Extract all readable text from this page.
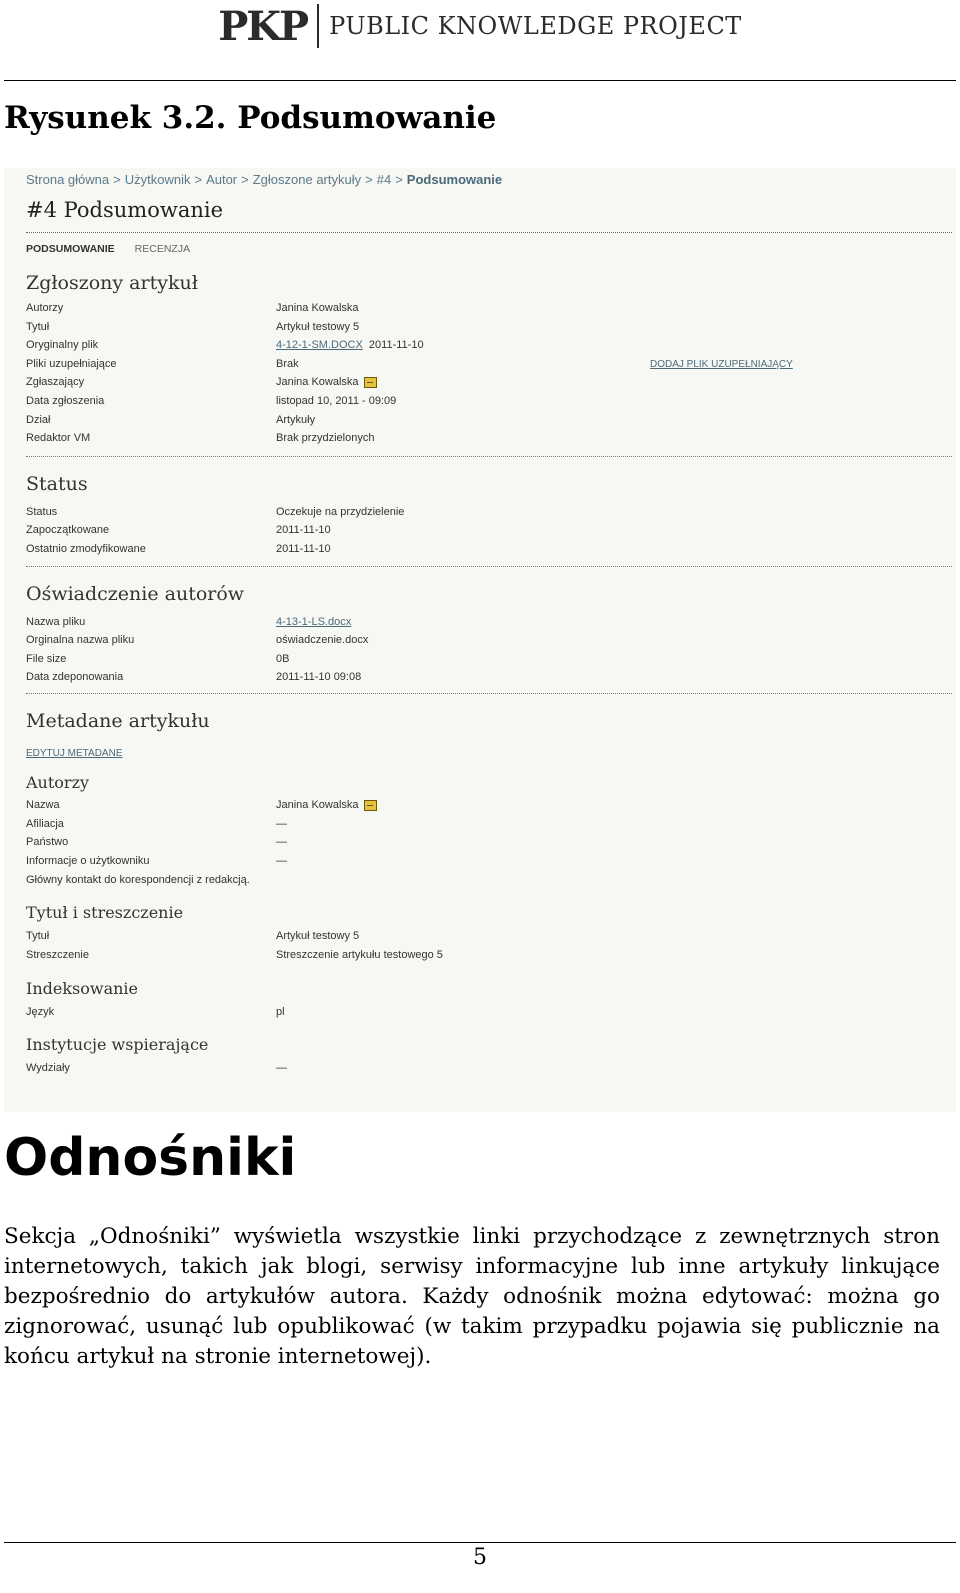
PKP PUBLIC KNOWLEDGE PROJECT
Rysunek 3.2. Podsumowanie
Strona główna > Użytkownik > Autor > Zgłoszone artykuły > #4 > Podsumowanie
#4 Podsumowanie
PODSUMOWANIE RECENZJA
Zgłoszony artykuł
Autorzy	Janina Kowalska
Tytuł	Artykuł testowy 5
Oryginalny plik	4-12-1-SM.DOCX 2011-11-10
Pliki uzupełniające	Brak	DODAJ PLIK UZUPEŁNIAJĄCY
Zgłaszający	Janina Kowalska
Data zgłoszenia	listopad 10, 2011 - 09:09
Dział	Artykuły
Redaktor VM	Brak przydzielonych
Status
Status	Oczekuje na przydzielenie
Zapoczątkowane	2011-11-10
Ostatnio zmodyfikowane	2011-11-10
Oświadczenie autorów
Nazwa pliku	4-13-1-LS.docx
Orginalna nazwa pliku	oświadczenie.docx
File size	0B
Data zdeponowania	2011-11-10 09:08
Metadane artykułu
EDYTUJ METADANE
Autorzy
Nazwa	Janina Kowalska
Afiliacja	—
Państwo	—
Informacje o użytkowniku	—
Główny kontakt do korespondencji z redakcją.
Tytuł i streszczenie
Tytuł	Artykuł testowy 5
Streszczenie	Streszczenie artykułu testowego 5
Indeksowanie
Język	pl
Instytucje wspierające
Wydziały	—
Odnośniki
Sekcja „Odnośniki” wyświetla wszystkie linki przychodzące z zewnętrznych stron internetowych, takich jak blogi, serwisy informacyjne lub inne artykuły linkujące bezpośrednio do artykułów autora. Każdy odnośnik można edytować: można go zignorować, usunąć lub opublikować (w takim przypadku pojawia się publicznie na końcu artykuł na stronie internetowej).
5
